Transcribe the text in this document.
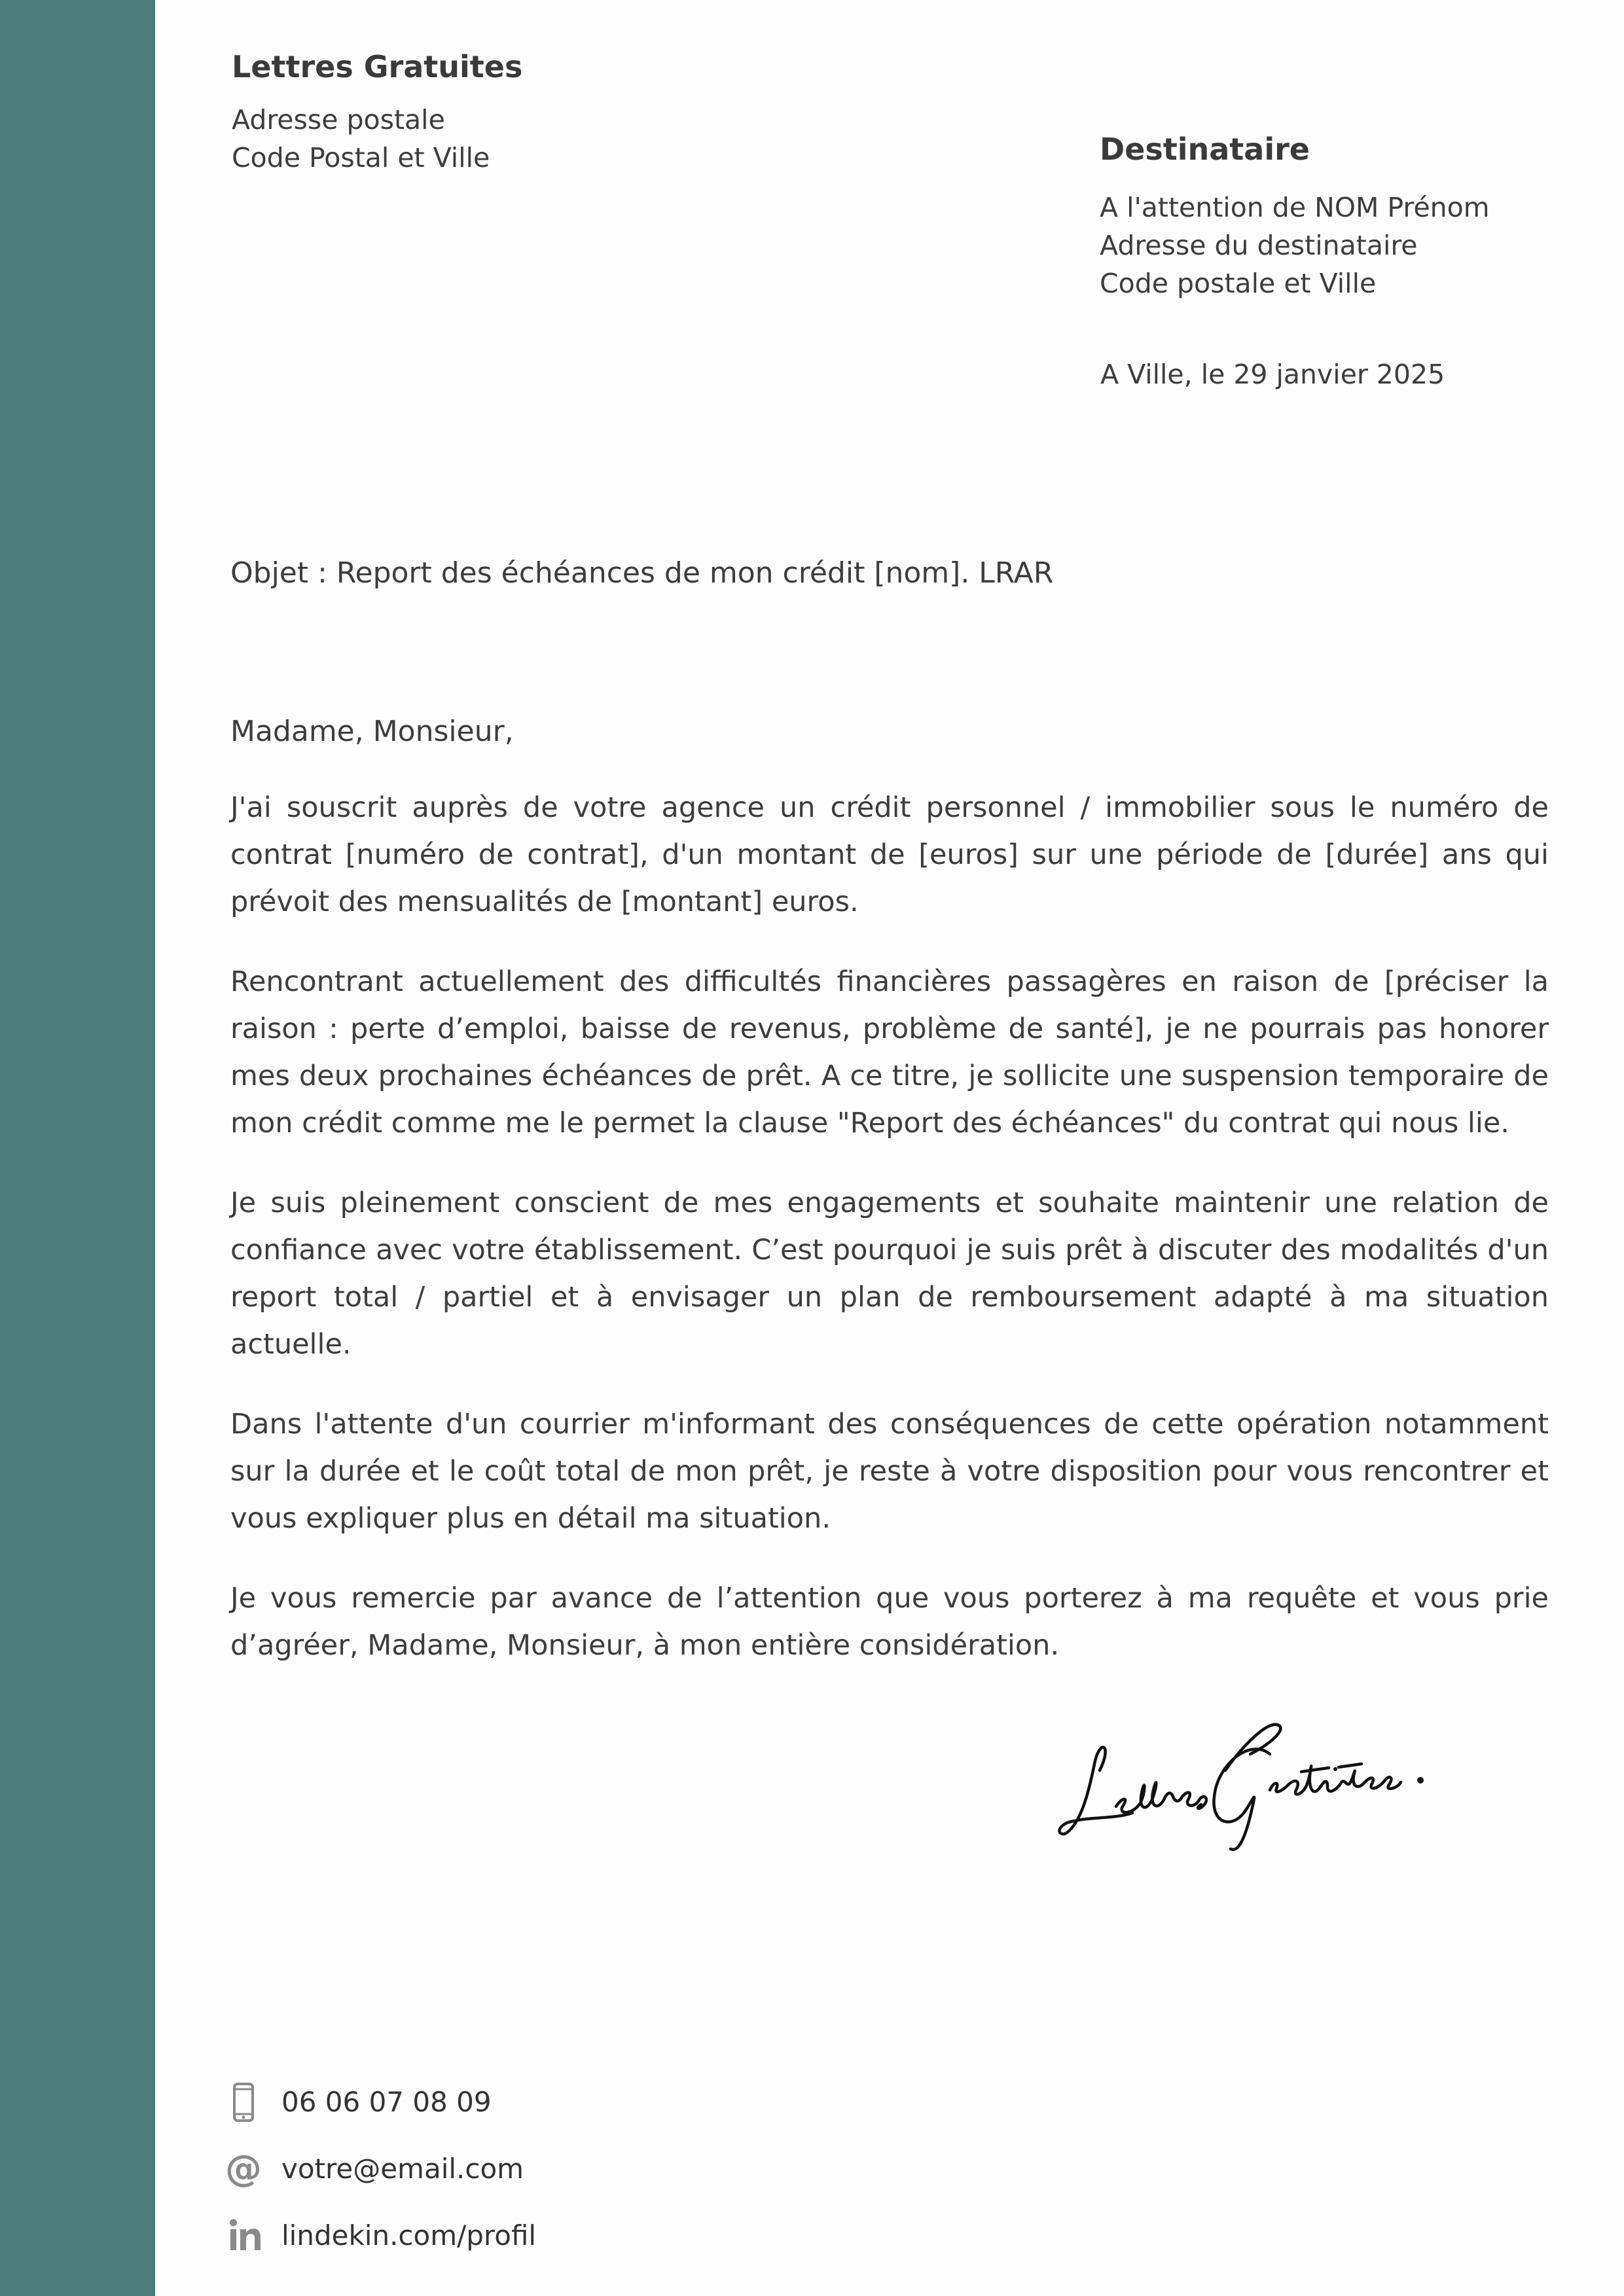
Lettres Gratuites
Adresse postale
Code Postal et Ville	Destinataire
A l'attention de NOM Prénom
Adresse du destinataire
Code postale et Ville
A Ville, le 29 janvier 2025
Objet : Report des échéances de mon crédit [nom]. LRAR
Madame, Monsieur,
J'ai souscrit auprès de votre agence un crédit personnel / immobilier sous le numéro de contrat [numéro de contrat], d'un montant de [euros] sur une période de [durée] ans qui prévoit des mensualités de [montant] euros.
Rencontrant actuellement des difficultés financières passagères en raison de [préciser la raison : perte d’emploi, baisse de revenus, problème de santé], je ne pourrais pas honorer mes deux prochaines échéances de prêt. A ce titre, je sollicite une suspension temporaire de mon crédit comme me le permet la clause "Report des échéances" du contrat qui nous lie.
Je suis pleinement conscient de mes engagements et souhaite maintenir une relation de confiance avec votre établissement. C’est pourquoi je suis prêt à discuter des modalités d'un report total / partiel et à envisager un plan de remboursement adapté à ma situation actuelle.
Dans l'attente d'un courrier m'informant des conséquences de cette opération notamment sur la durée et le coût total de mon prêt, je reste à votre disposition pour vous rencontrer et vous expliquer plus en détail ma situation.
Je vous remercie par avance de l’attention que vous porterez à ma requête et vous prie d’agréer, Madame, Monsieur, à mon entière considération.
06 06 07 08 09
@ votre@email.com
lindekin.com/profil
